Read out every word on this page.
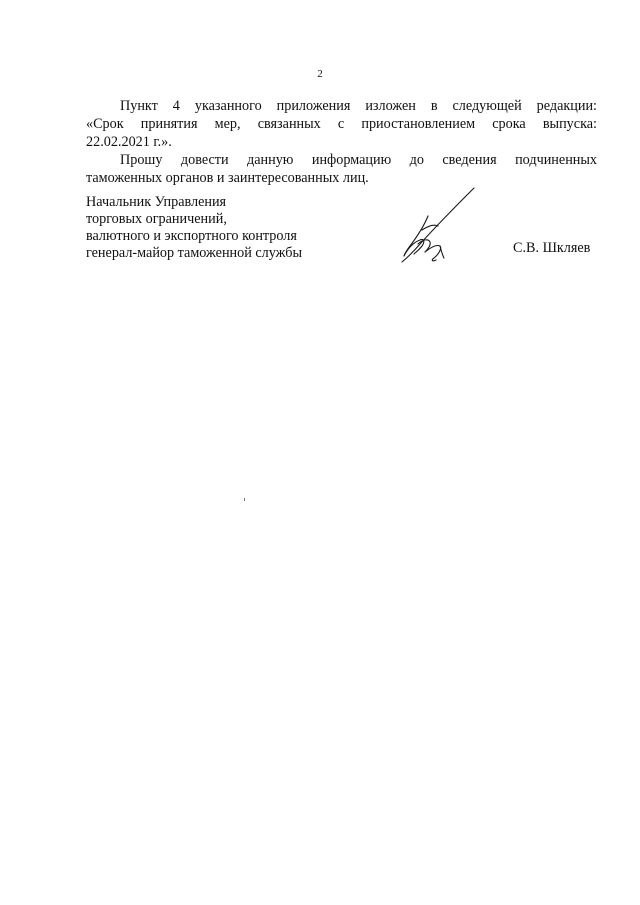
2

Пункт 4 указанного приложения изложен в следующей редакции:
«Срок принятия мер, связанных с приостановлением срока выпуска:
22.02.2021 г.».

Прошу довести данную информацию до сведения подчиненных
таможенных органов и заинтересованных лиц.

Начальник Управления
торговых ограничений,
валютного и экспортного контроля
генерал-майор таможенной службы	С.В. Шкляев
